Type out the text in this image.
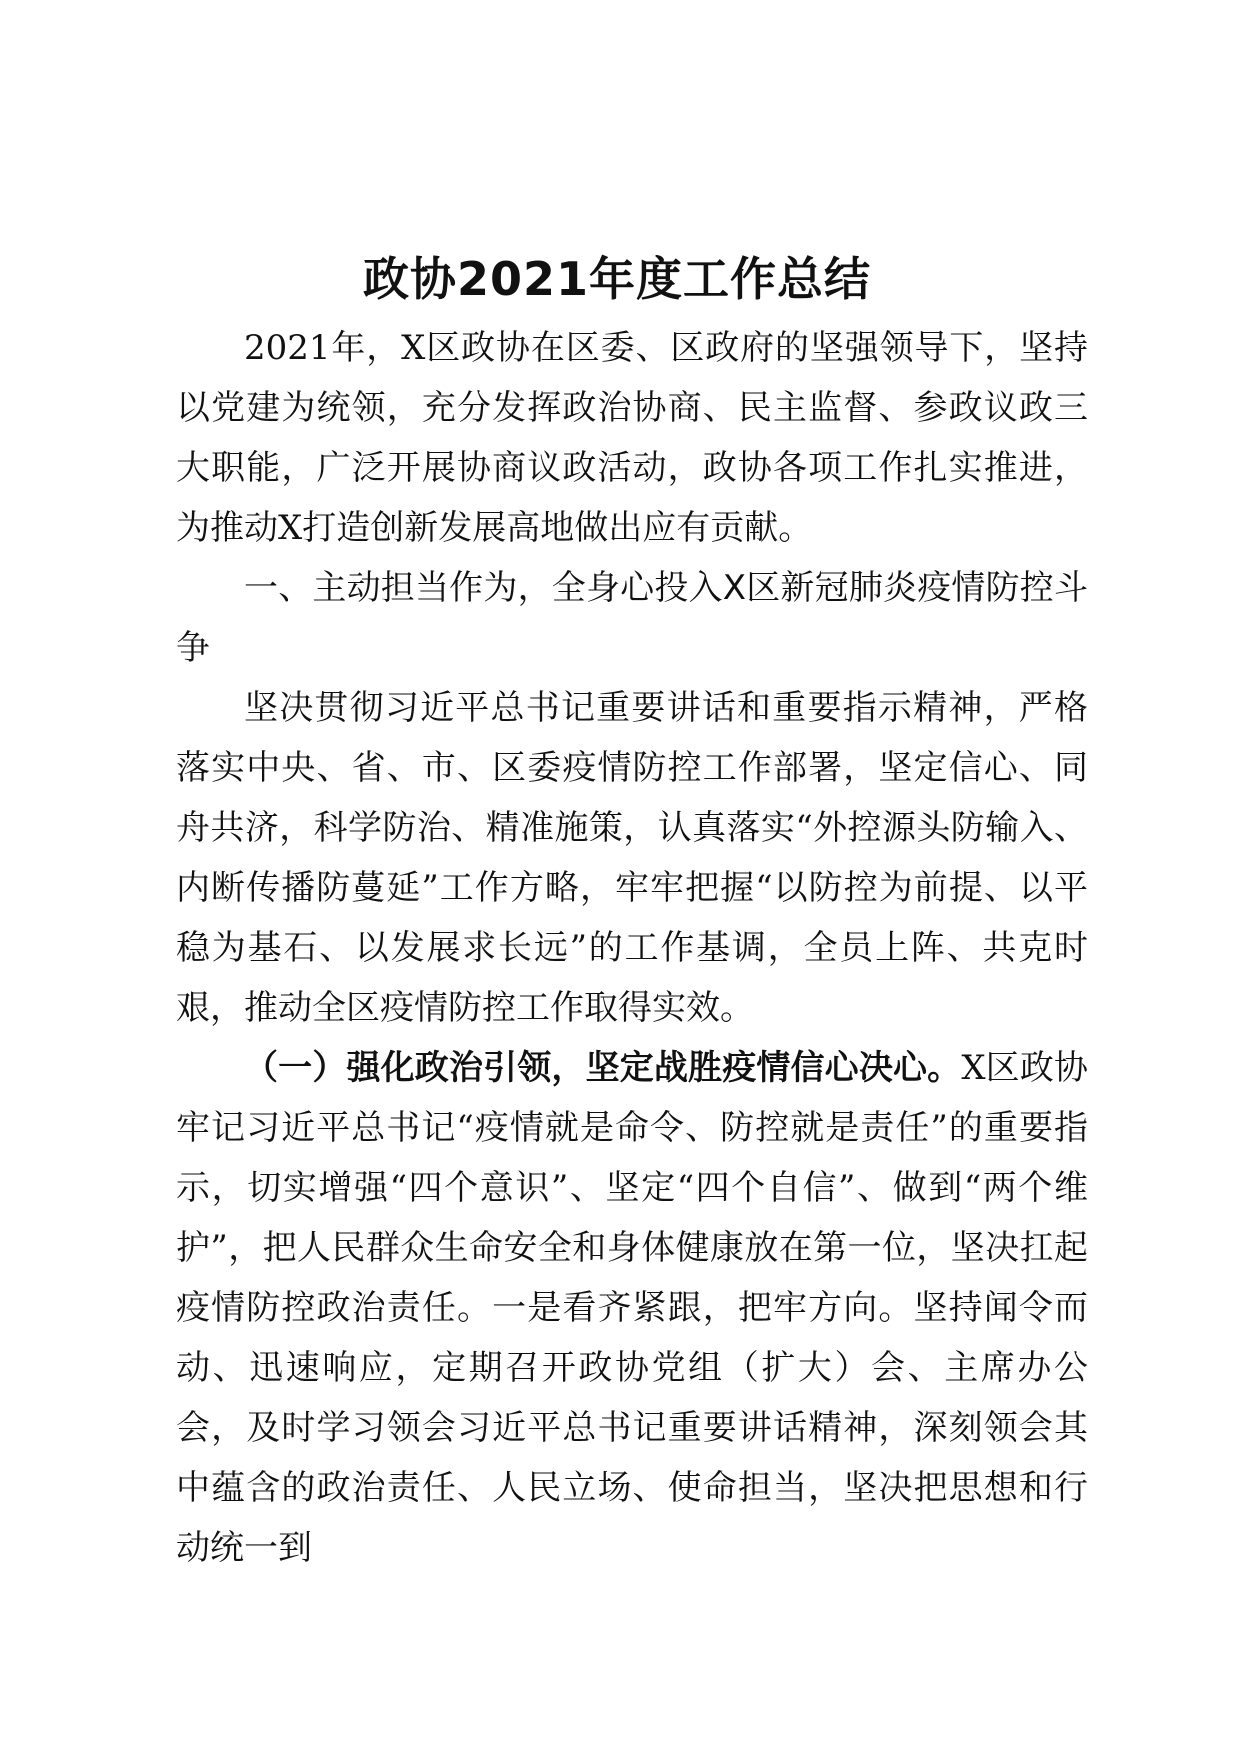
政协2021年度工作总结

2021年，X区政协在区委、区政府的坚强领导下，坚持以党建为统领，充分发挥政治协商、民主监督、参政议政三大职能，广泛开展协商议政活动，政协各项工作扎实推进，为推动X打造创新发展高地做出应有贡献。

一、主动担当作为，全身心投入X区新冠肺炎疫情防控斗争

坚决贯彻习近平总书记重要讲话和重要指示精神，严格落实中央、省、市、区委疫情防控工作部署，坚定信心、同舟共济，科学防治、精准施策，认真落实“外控源头防输入、内断传播防蔓延”工作方略，牢牢把握“以防控为前提、以平稳为基石、以发展求长远”的工作基调，全员上阵、共克时艰，推动全区疫情防控工作取得实效。

（一）强化政治引领，坚定战胜疫情信心决心。X区政协牢记习近平总书记“疫情就是命令、防控就是责任”的重要指示，切实增强“四个意识”、坚定“四个自信”、做到“两个维护”，把人民群众生命安全和身体健康放在第一位，坚决扛起疫情防控政治责任。一是看齐紧跟，把牢方向。坚持闻令而动、迅速响应，定期召开政协党组（扩大）会、主席办公会，及时学习领会习近平总书记重要讲话精神，深刻领会其中蕴含的政治责任、人民立场、使命担当，坚决把思想和行动统一到
